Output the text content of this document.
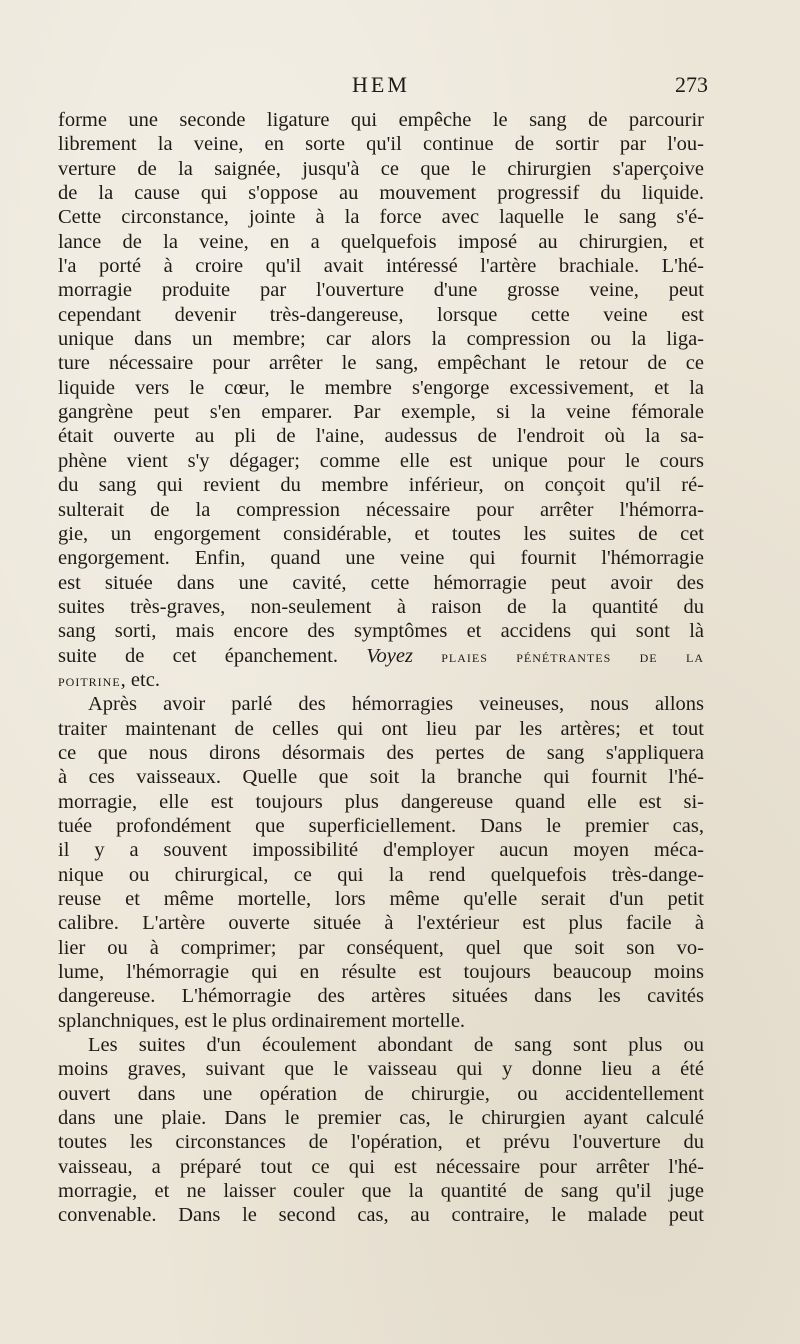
HEM	273
forme une seconde ligature qui empêche le sang de parcourir
librement la veine, en sorte qu'il continue de sortir par l'ou-
verture de la saignée, jusqu'à ce que le chirurgien s'aperçoive
de la cause qui s'oppose au mouvement progressif du liquide.
Cette circonstance, jointe à la force avec laquelle le sang s'é-
lance de la veine, en a quelquefois imposé au chirurgien, et
l'a porté à croire qu'il avait intéressé l'artère brachiale. L'hé-
morragie produite par l'ouverture d'une grosse veine, peut
cependant devenir très-dangereuse, lorsque cette veine est
unique dans un membre; car alors la compression ou la liga-
ture nécessaire pour arrêter le sang, empêchant le retour de ce
liquide vers le cœur, le membre s'engorge excessivement, et la
gangrène peut s'en emparer. Par exemple, si la veine fémorale
était ouverte au pli de l'aine, audessus de l'endroit où la sa-
phène vient s'y dégager; comme elle est unique pour le cours
du sang qui revient du membre inférieur, on conçoit qu'il ré-
sulterait de la compression nécessaire pour arrêter l'hémorra-
gie, un engorgement considérable, et toutes les suites de cet
engorgement. Enfin, quand une veine qui fournit l'hémorragie
est située dans une cavité, cette hémorragie peut avoir des
suites très-graves, non-seulement à raison de la quantité du
sang sorti, mais encore des symptômes et accidens qui sont là
suite de cet épanchement. Voyez plaies pénétrantes de la
poitrine, etc.
Après avoir parlé des hémorragies veineuses, nous allons
traiter maintenant de celles qui ont lieu par les artères; et tout
ce que nous dirons désormais des pertes de sang s'appliquera
à ces vaisseaux. Quelle que soit la branche qui fournit l'hé-
morragie, elle est toujours plus dangereuse quand elle est si-
tuée profondément que superficiellement. Dans le premier cas,
il y a souvent impossibilité d'employer aucun moyen méca-
nique ou chirurgical, ce qui la rend quelquefois très-dange-
reuse et même mortelle, lors même qu'elle serait d'un petit
calibre. L'artère ouverte située à l'extérieur est plus facile à
lier ou à comprimer; par conséquent, quel que soit son vo-
lume, l'hémorragie qui en résulte est toujours beaucoup moins
dangereuse. L'hémorragie des artères situées dans les cavités
splanchniques, est le plus ordinairement mortelle.
Les suites d'un écoulement abondant de sang sont plus ou
moins graves, suivant que le vaisseau qui y donne lieu a été
ouvert dans une opération de chirurgie, ou accidentellement
dans une plaie. Dans le premier cas, le chirurgien ayant calculé
toutes les circonstances de l'opération, et prévu l'ouverture du
vaisseau, a préparé tout ce qui est nécessaire pour arrêter l'hé-
morragie, et ne laisser couler que la quantité de sang qu'il juge
convenable. Dans le second cas, au contraire, le malade peut
